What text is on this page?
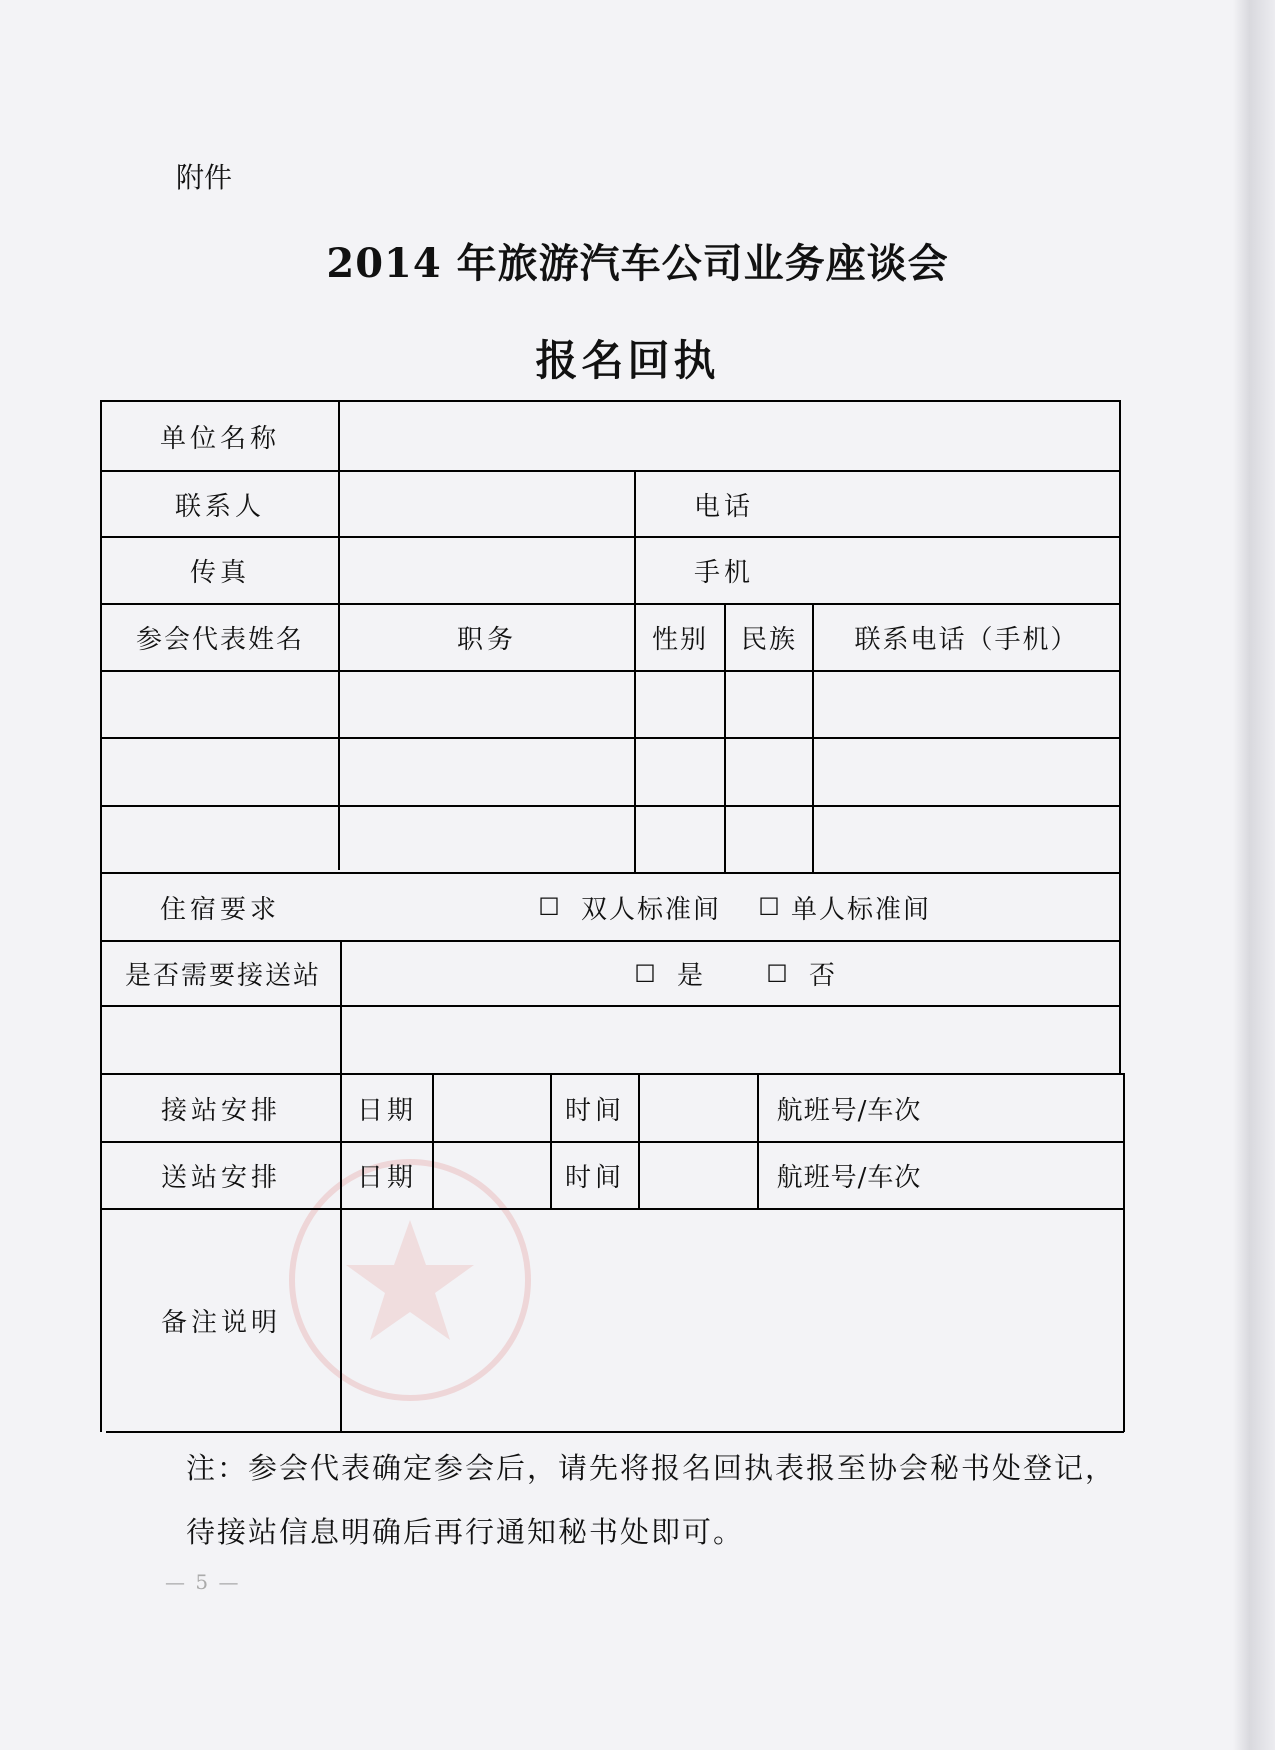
附件
2014 年旅游汽车公司业务座谈会
报名回执
单位名称
联系人	电话
传真	手机
参会代表姓名	职务	性别	民族	联系电话（手机）
住宿要求	☐ 双人标准间 ☐ 单人标准间
是否需要接送站	☐ 是 ☐ 否
接站安排	日期	时间	航班号/车次
送站安排	日期	时间	航班号/车次
备注说明
注：参会代表确定参会后，请先将报名回执表报至协会秘书处登记，待接站信息明确后再行通知秘书处即可。
— 5 —
